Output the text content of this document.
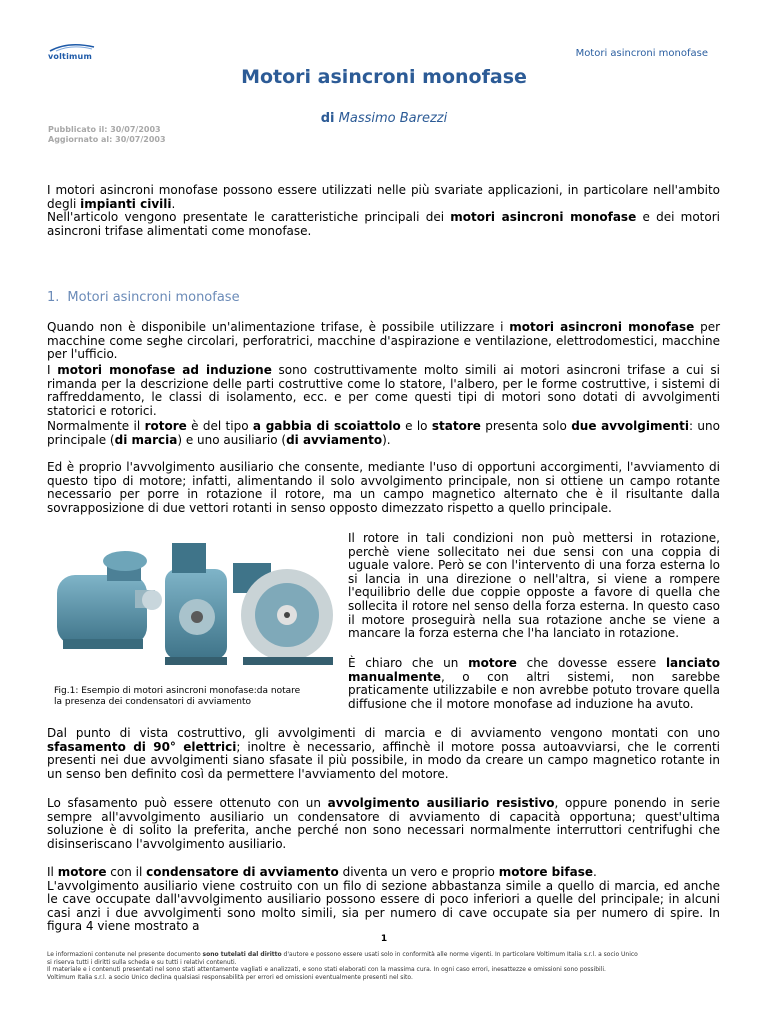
voltimum	Motori asincroni monofase
Motori asincroni monofase
di Massimo Barezzi
Pubblicato il: 30/07/2003
Aggiornato al: 30/07/2003
I motori asincroni monofase possono essere utilizzati nelle più svariate applicazioni, in particolare nell'ambito degli impianti civili.
Nell'articolo vengono presentate le caratteristiche principali dei motori asincroni monofase e dei motori asincroni trifase alimentati come monofase.
1. Motori asincroni monofase
Quando non è disponibile un'alimentazione trifase, è possibile utilizzare i motori asincroni monofase per macchine come seghe circolari, perforatrici, macchine d'aspirazione e ventilazione, elettrodomestici, macchine per l'ufficio.
I motori monofase ad induzione sono costruttivamente molto simili ai motori asincroni trifase a cui si rimanda per la descrizione delle parti costruttive come lo statore, l'albero, per le forme costruttive, i sistemi di raffreddamento, le classi di isolamento, ecc. e per come questi tipi di motori sono dotati di avvolgimenti statorici e rotorici.
Normalmente il rotore è del tipo a gabbia di scoiattolo e lo statore presenta solo due avvolgimenti: uno principale (di marcia) e uno ausiliario (di avviamento).
Ed è proprio l'avvolgimento ausiliario che consente, mediante l'uso di opportuni accorgimenti, l'avviamento di questo tipo di motore; infatti, alimentando il solo avvolgimento principale, non si ottiene un campo rotante necessario per porre in rotazione il rotore, ma un campo magnetico alternato che è il risultante dalla sovrapposizione di due vettori rotanti in senso opposto dimezzato rispetto a quello principale.
Fig.1: Esempio di motori asincroni monofase:da notare
la presenza dei condensatori di avviamento
Il rotore in tali condizioni non può mettersi in rotazione, perchè viene sollecitato nei due sensi con una coppia di uguale valore. Però se con l'intervento di una forza esterna lo si lancia in una direzione o nell'altra, si viene a rompere l'equilibrio delle due coppie opposte a favore di quella che sollecita il rotore nel senso della forza esterna. In questo caso il motore proseguirà nella sua rotazione anche se viene a mancare la forza esterna che l'ha lanciato in rotazione.
È chiaro che un motore che dovesse essere lanciato manualmente, o con altri sistemi, non sarebbe praticamente utilizzabile e non avrebbe potuto trovare quella diffusione che il motore monofase ad induzione ha avuto.
Dal punto di vista costruttivo, gli avvolgimenti di marcia e di avviamento vengono montati con uno sfasamento di 90° elettrici; inoltre è necessario, affinchè il motore possa autoavviarsi, che le correnti presenti nei due avvolgimenti siano sfasate il più possibile, in modo da creare un campo magnetico rotante in un senso ben definito così da permettere l'avviamento del motore.
Lo sfasamento può essere ottenuto con un avvolgimento ausiliario resistivo, oppure ponendo in serie sempre all'avvolgimento ausiliario un condensatore di avviamento di capacità opportuna; quest'ultima soluzione è di solito la preferita, anche perché non sono necessari normalmente interruttori centrifughi che disinseriscano l'avvolgimento ausiliario.
Il motore con il condensatore di avviamento diventa un vero e proprio motore bifase.
L'avvolgimento ausiliario viene costruito con un filo di sezione abbastanza simile a quello di marcia, ed anche le cave occupate dall'avvolgimento ausiliario possono essere di poco inferiori a quelle del principale; in alcuni casi anzi i due avvolgimenti sono molto simili, sia per numero di cave occupate sia per numero di spire. In figura 4 viene mostrato a
1
Le informazioni contenute nel presente documento sono tutelati dal diritto d'autore e possono essere usati solo in conformità alle norme vigenti. In particolare Voltimum Italia s.r.l. a socio Unico
si riserva tutti i diritti sulla scheda e su tutti i relativi contenuti.
Il materiale e i contenuti presentati nel sono stati attentamente vagliati e analizzati, e sono stati elaborati con la massima cura. In ogni caso errori, inesattezze e omissioni sono possibili.
Voltimum Italia s.r.l. a socio Unico declina qualsiasi responsabilità per errori ed omissioni eventualmente presenti nel sito.
